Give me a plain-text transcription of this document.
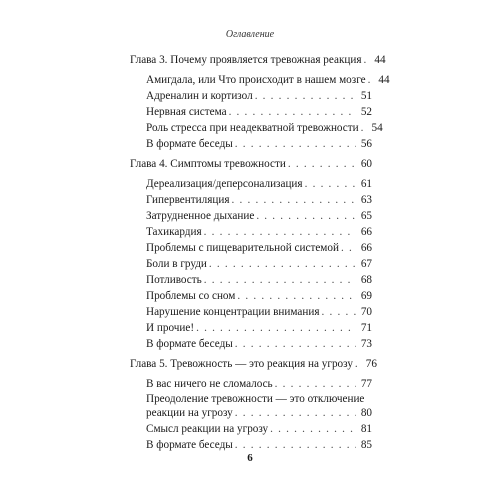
Оглавление
Глава 3. Почему проявляется тревожная реакция . . . 44
Амигдала, или Что происходит в нашем мозге . . . 44
Адреналин и кортизол . . .	51
Нервная система . . .	52
Роль стресса при неадекватной тревожности . . . 54
В формате беседы . . .	56
Глава 4. Симптомы тревожности . . .	60
Дереализация/деперсонализация . . .	61
Гипервентиляция . . .	63
Затрудненное дыхание . . .	65
Тахикардия . . .	66
Проблемы с пищеварительной системой . . . 66
Боли в груди . . .	67
Потливость . . .	68
Проблемы со сном . . .	69
Нарушение концентрации внимания . . .	70
И прочие! . . .	71
В формате беседы . . .	73
Глава 5. Тревожность — это реакция на угрозу . . . 76
В вас ничего не сломалось . . .	77
Преодоление тревожности — это отключение
реакции на угрозу . . .	80
Смысл реакции на угрозу . . .	81
В формате беседы . . .	85
6
